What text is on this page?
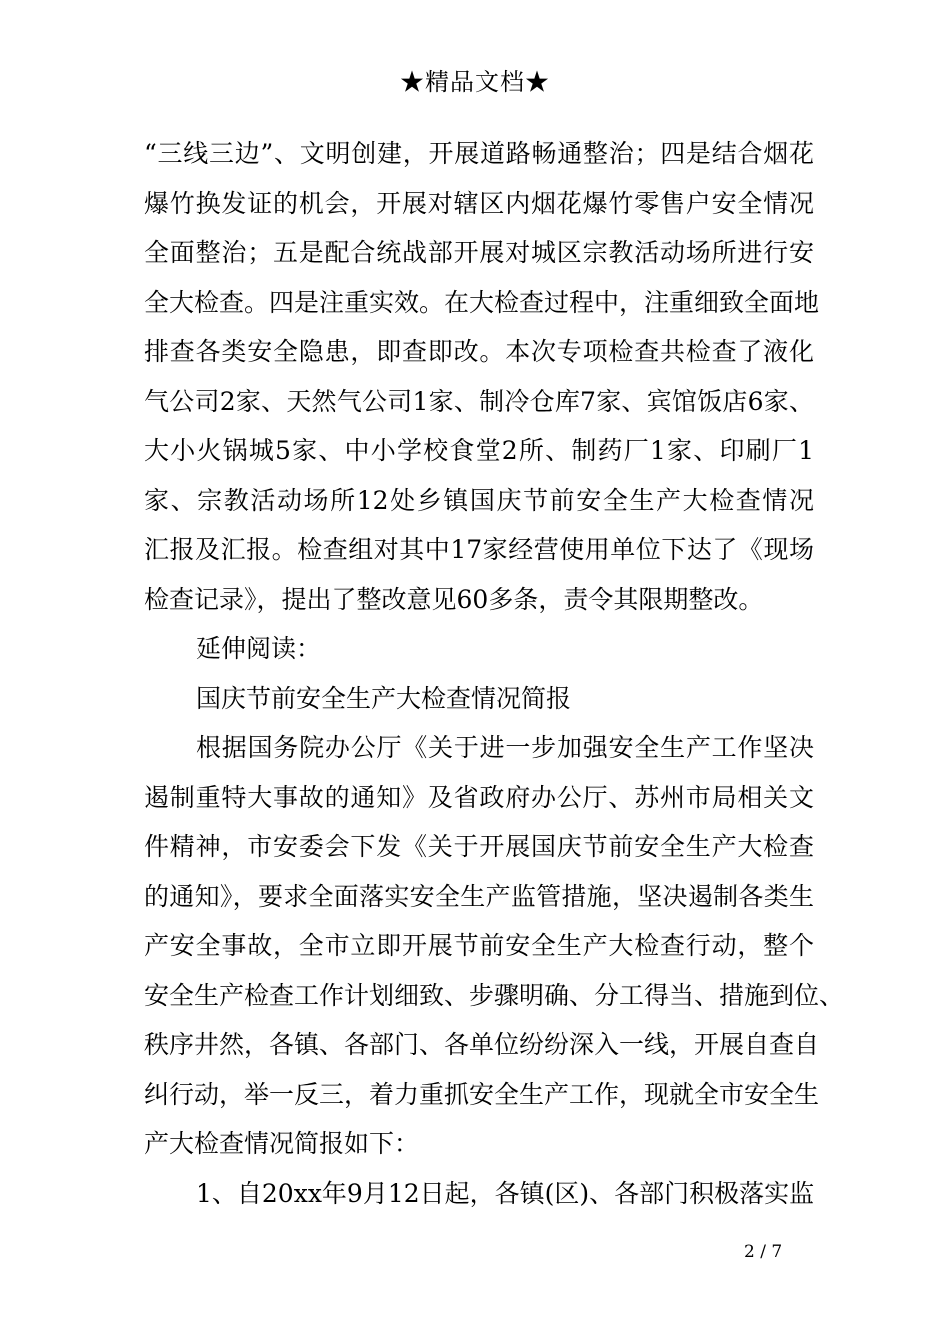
★精品文档★
“三线三边”、文明创建，开展道路畅通整治；四是结合烟花
爆竹换发证的机会，开展对辖区内烟花爆竹零售户安全情况
全面整治；五是配合统战部开展对城区宗教活动场所进行安
全大检查。四是注重实效。在大检查过程中，注重细致全面地
排查各类安全隐患，即查即改。本次专项检查共检查了液化
气公司2家、天然气公司1家、制冷仓库7家、宾馆饭店6家、
大小火锅城5家、中小学校食堂2所、制药厂1家、印刷厂1
家、宗教活动场所12处乡镇国庆节前安全生产大检查情况
汇报及汇报。检查组对其中17家经营使用单位下达了《现场
检查记录》，提出了整改意见60多条，责令其限期整改。
延伸阅读：
国庆节前安全生产大检查情况简报
根据国务院办公厅《关于进一步加强安全生产工作坚决
遏制重特大事故的通知》及省政府办公厅、苏州市局相关文
件精神，市安委会下发《关于开展国庆节前安全生产大检查
的通知》，要求全面落实安全生产监管措施，坚决遏制各类生
产安全事故，全市立即开展节前安全生产大检查行动，整个
安全生产检查工作计划细致、步骤明确、分工得当、措施到位、
秩序井然，各镇、各部门、各单位纷纷深入一线，开展自查自
纠行动，举一反三，着力重抓安全生产工作，现就全市安全生
产大检查情况简报如下：
1、自20xx年9月12日起，各镇(区)、各部门积极落实监
2 / 7
